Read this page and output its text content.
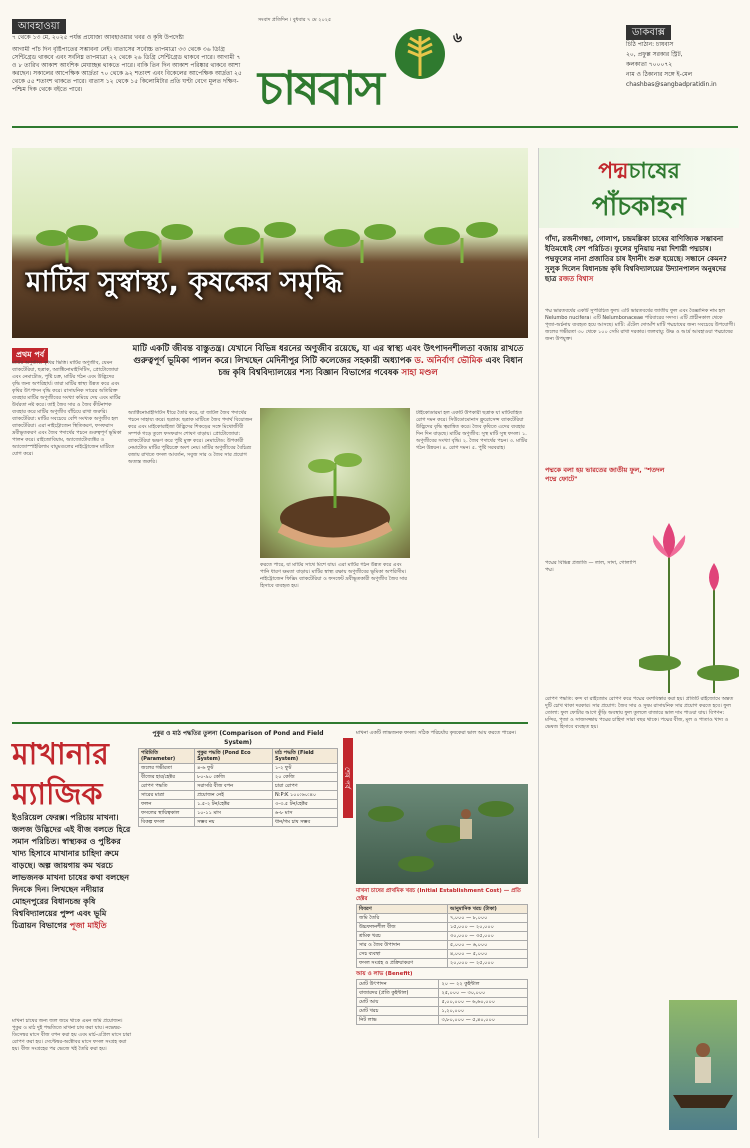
আবহাওয়া
৭ থেকে ১৩ মে, ২০২৫ পর্যন্ত প্রযোজ্য আবহাওয়ার খবর ও কৃষি উপদেষ্টা
আগামী পাঁচ দিন বৃষ্টিপাতের সম্ভাবনা নেই। বাতাসের সর্বোচ্চ তাপমাত্রা ৩৩ থেকে ৩৬ ডিগ্রি সেন্টিগ্রেড থাকবে এবং সর্বনিম্ন তাপমাত্রা ২২ থেকে ২৬ ডিগ্রি সেন্টিগ্রেড থাকবে পারে। আগামী ৭ ও ৮ তারিখ আকাশ আংশিক মেঘাচ্ছন্ন থাকতে পারে। বাকি তিন দিন আকাশ পরিষ্কার থাকবে আশা করছেন। সকালের আপেক্ষিক আর্দ্রতা ৭০ থেকে ৯২ শতাংশ এবং বিকেলের আপেক্ষিক আর্দ্রতা ২৫ থেকে ৫৫ শতাংশ থাকতে পারে। বাতাস ১২ থেকে ১৫ কিলোমিটার প্রতি ঘণ্টা বেগে মূলত দক্ষিণ-পশ্চিম দিক থেকে বইতে পারে।
সংবাদ প্রতিদিন । বুধবার ৭ মে ২০২৫
চাষবাস
৬	ডাকবাক্স
চিঠি পাঠান: চাষবাস
২০, প্রফুল্ল সরকার স্ট্রিট,
কলকাতা ৭০০০৭২
নাম ও ঠিকানার সঙ্গে ই-মেল
chashbas@sangbadpratidin.in
মাটির সুস্বাস্থ্য, কৃষকের সমৃদ্ধি
মাটি একটি জীবন্ত বাস্তুতন্ত্র। যেখানে বিভিন্ন ধরনের অণুজীব রয়েছে, যা এর স্বাস্থ্য এবং উৎপাদনশীলতা বজায় রাখতে গুরুত্বপূর্ণ ভূমিকা পালন করে। লিখছেন মেদিনীপুর সিটি কলেজের সহকারী অধ্যাপক ড. অনির্বাণ ভৌমিক এবং বিধান চন্দ্র কৃষি বিশ্ববিদ্যালয়ের শস্য বিজ্ঞান বিভাগের গবেষক সাহা মণ্ডল
প্রথম পর্ব
মাটির অণুজীব: কৃষির ভিত্তি। মাটির অণুজীব, যেমন ব্যাকটেরিয়া, ছত্রাক, অ্যাক্টিনোমাইসিটিস, প্রোটোজোয়া এবং নেমাটোড, পুষ্টি চক্র, মাটির গঠন এবং উদ্ভিদের বৃদ্ধি জন্য অপরিহার্য। তারা মাটির স্বাস্থ্য উন্নত করে এবং কৃষির উৎপাদন বৃদ্ধি করে। রাসায়নিক সারের অতিরিক্ত ব্যবহার মাটির অণুজীবের সংখ্যা কমিয়ে দেয় এবং মাটির উর্বরতা নষ্ট করে। তাই জৈব সার ও জৈব কীটনাশক ব্যবহার করে মাটির অণুজীব বাঁচিয়ে রাখা জরুরি। ব্যাকটেরিয়া: মাটির সবচেয়ে বেশি সংখ্যক অণুজীব হল ব্যাকটেরিয়া। এরা নাইট্রোজেন স্থিতিকরণ, ফসফরাস দ্রবীভূতকরণ এবং জৈব পদার্থের পচনে গুরুত্বপূর্ণ ভূমিকা পালন করে। রাইজোবিয়াম, অ্যাজোটোব্যাক্টর ও অ্যাজোস্পাইরিলাম বায়ুমণ্ডলের নাইট্রোজেন মাটিতে যোগ করে।
অ্যাক্টিনোমাইসিটিস ধীরে তৈরি করে, যা জটিল জৈব পদার্থের পচনে সাহায্য করে। ছত্রাক: ছত্রাক মাটিতে জৈব পদার্থ বিয়োজন করে এবং মাইকোরাইজা উদ্ভিদের শিকড়ের সঙ্গে মিথোজীবী সম্পর্ক গড়ে তুলে ফসফরাস শোষণ বাড়ায়। প্রোটোজোয়া: ব্যাকটেরিয়া ভক্ষণ করে পুষ্টি মুক্ত করে। নেমাটোড: উপকারী নেমাটোড মাটির পুষ্টিচক্রে অংশ নেয়। মাটির অণুজীবের বৈচিত্র্য বজায় রাখতে ফসল আবর্তন, সবুজ সার ও জৈব সার প্রয়োগ অত্যন্ত জরুরি।
করতে পারে, যা মাটির সাথে মিশে যায়। এরা মাটির গঠন উন্নত করে এবং পানি ধারণ ক্ষমতা বাড়ায়। মাটির স্বাস্থ্য রক্ষায় অণুজীবের ভূমিকা অপরিসীম। নাইট্রোজেন ফিক্সিং ব্যাকটেরিয়া ও ফসফেট দ্রবীভূতকারী অণুজীব জৈব সার হিসাবে ব্যবহৃত হয়।
টাইকোডারমা হল একটি উপকারী ছত্রাক যা মাটিবাহিত রোগ দমন করে। সিউডোমোনাস ফ্লুরোসেন্স ব্যাকটেরিয়া উদ্ভিদের বৃদ্ধি ত্বরান্বিত করে। জৈব কৃষিতে এদের ব্যবহার দিন দিন বাড়ছে। মাটির অণুজীব: সুস্থ মাটি সুস্থ ফসল। ১. অণুজীবের সংখ্যা বৃদ্ধি। ২. জৈব পদার্থের পচন। ৩. মাটির গঠন উন্নয়ন। ৪. রোগ দমন। ৫. পুষ্টি সরবরাহ।
পদ্মচাষের
পাঁচকাহন
গাঁদা, রজনীগন্ধা, গোলাপ, চন্দ্রমল্লিকা চাষের বাণিজ্যিক সম্ভাবনা ইতিমধ্যেই বেশ পরিচিত। ফুলের দুনিয়ায় নয়া দিশারী পদ্মচাষ। পদ্মফুলের নানা প্রজাতির চাষ ইদানীং শুরু হয়েছে। সন্ধানে কেমন? সুলুক দিলেন বিধানচন্দ্র কৃষি বিশ্ববিদ্যালয়ের উদ্যানপালন অনুষদের ছাত্র রজত বিশ্বাস
পদ্ম ভারতবর্ষের একটি সুপরিচিত ফুল। এটি ভারতবর্ষের জাতীয় ফুল এবং বৈজ্ঞানিক নাম হল Nelumbo nucifera। এটি Nelumbonaceae পরিবারের সদস্য। এটি প্রাচীনকাল থেকে পূজা-অর্চনায় ব্যবহৃত হয়ে আসছে। মাটি: এঁটেল দোআঁশ মাটি পদ্মচাষের জন্য সবচেয়ে উপযোগী। জলের গভীরতা ৩০ থেকে ১০০ সেমি রাখা দরকার। জলবায়ু: উষ্ণ ও আর্দ্র আবহাওয়া পদ্মচাষের জন্য উপযুক্ত।
পদ্মকে বলা হয় ভারতের জাতীয় ফুল, "শতদল পদ্মে ফোটে"
পদ্মের বিভিন্ন প্রজাতি — লাল, সাদা, গোলাপি পদ্ম।
রোপণ পদ্ধতি: কন্দ বা রাইজোম রোপণ করে পদ্মের বংশবিস্তার করা হয়। প্রতিটি রাইজোমে অন্তত দুটি চোখ থাকা দরকার। সার প্রয়োগ: জৈব সার ও সুষম রাসায়নিক সার প্রয়োগ করতে হবে। ফুল তোলা: ফুল ফোটার আগে কুঁড়ি অবস্থায় ফুল তুললে বাজারে ভাল দাম পাওয়া যায়। বিপণন: মন্দির, পূজা ও সাজসজ্জায় পদ্মের চাহিদা সারা বছর থাকে। পদ্মের বীজ, মূল ও পাতাও খাদ্য ও ভেষজ হিসাবে ব্যবহৃত হয়।
মাখানার
ম্যাজিক
ইওরিয়েল ফেরক্স। পরিচায় মাখনা। জলজ উদ্ভিদের এই বীজ বলতে হিরে সমান পরিচিত। স্বাস্থ্যকর ও পুষ্টিকর খাদ্য হিসাবে মাখানার চাহিদা ক্রমে বাড়ছে। অল্প জায়গায় কম খরচে লাভজনক মাখনা চাষের কথা বলছেন দিনকে দিন। লিখছেন নদীয়ার মোহনপুরের বিধানচন্দ্র কৃষি বিশ্ববিদ্যালয়ের পুষ্প এবং ভূমি চিত্রায়ন বিভাগের পূজা মাইতি
মাখনা চাষের জন্য জল জমে থাকে এমন জমি প্রয়োজন। পুকুর ও মাঠ দুই পদ্ধতিতে মাখনা চাষ করা যায়। নভেম্বর-ডিসেম্বর মাসে বীজ বপন করা হয় এবং মার্চ-এপ্রিল মাসে চারা রোপণ করা হয়। সেপ্টেম্বর-অক্টোবর মাসে ফসল সংগ্রহ করা হয়। বীজ সংগ্রহের পর ভেজে খই তৈরি করা হয়।
পুকুর ও মাঠ পদ্ধতির তুলনা (Comparison of Pond and Field System)
পরিমিতি (Parameter)	পুকুর পদ্ধতি (Pond Eco System)	মাঠ পদ্ধতি (Field System)
জলের গভীরতা	৪-৬ ফুট	১-২ ফুট
বীজের হার/হেক্টর	৮০-৯০ কেজি	২০ কেজি
রোপণ পদ্ধতি	সরাসরি বীজ বপন	চারা রোপণ
সারের মাত্রা	প্রয়োজন নেই	N:P:K ১০০:৬০:৪০
ফলন	১.৫-২ টন/হেক্টর	৩-৩.৫ টন/হেক্টর
ফসলের স্থায়িত্বকাল	১০-১১ মাস	৬-৮ মাস
বিকল্প ফসল	সম্ভব নয়	ধান/গম চাষ সম্ভব
শেষ পর্ব
মাখনা একটি লাভজনক ফসল। সঠিক পরিচর্যায় কৃষকেরা ভাল আয় করতে পারেন।
মাখনা চাষের প্রাথমিক খরচ (Initial Establishment Cost) — প্রতি হেক্টর
বিবরণ	আনুমানিক খরচ (টাকা)
জমি তৈরি	৭,০০০ — ৮,০০০
উচ্চফলনশীল বীজ	১৫,০০০ — ২০,০০০
শ্রমিক খরচ	৩০,০০০ — ৩৫,০০০
সার ও জৈব উপাদান	৫,০০০ — ৬,০০০
সেচ ব্যবস্থা	৪,০০০ — ৫,০০০
ফসল সংগ্রহ ও প্রক্রিয়াকরণ	২০,০০০ — ২৫,০০০
আয় ও লাভ (Benefit)
মোট উৎপাদন	২০ — ২২ কুইন্টাল
বাজারদর (প্রতি কুইন্টাল)	২৫,০০০ — ৩০,০০০
মোট আয়	৫,০০,০০০ — ৬,৬০,০০০
মোট খরচ	১,২০,০০০
নিট লাভ	৩,৮০,০০০ — ৫,৪০,০০০
